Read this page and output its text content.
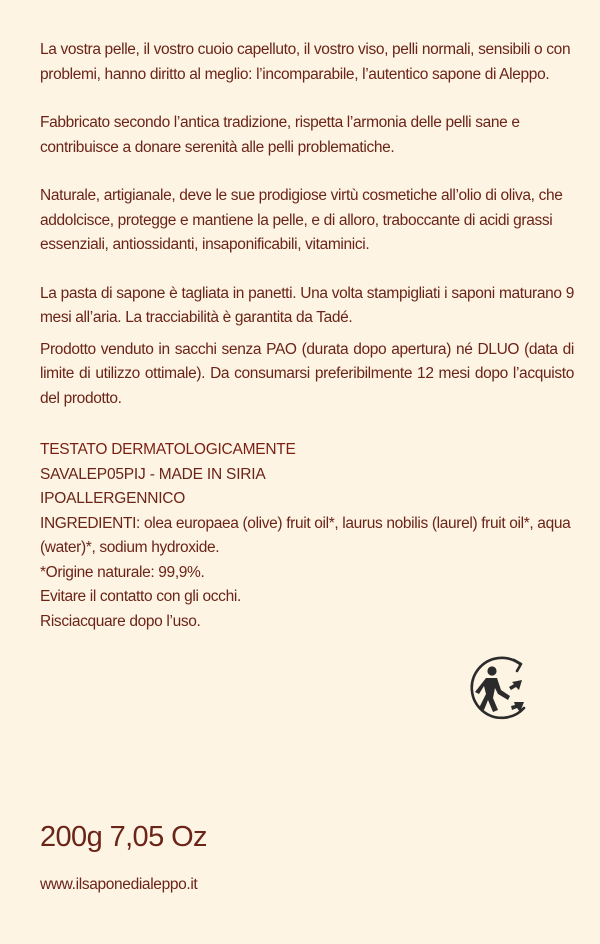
La vostra pelle, il vostro cuoio capelluto, il vostro viso, pelli normali, sensibili o con problemi, hanno diritto al meglio: l’incomparabile, l’autentico sapone di Aleppo.

Fabbricato secondo l’antica tradizione, rispetta l’armonia delle pelli sane e contribuisce a donare serenità alle pelli problematiche.

Naturale, artigianale, deve le sue prodigiose virtù cosmetiche all’olio di oliva, che addolcisce, protegge e mantiene la pelle, e di alloro, traboccante di acidi grassi essenziali, antiossidanti, insaponificabili, vitaminici.

La pasta di sapone è tagliata in panetti. Una volta stampigliati i saponi maturano 9 mesi all’aria. La tracciabilità è garantita da Tadé.

Prodotto venduto in sacchi senza PAO (durata dopo apertura) né DLUO (data di limite di utilizzo ottimale). Da consumarsi preferibilmente 12 mesi dopo l’acquisto del prodotto.

TESTATO DERMATOLOGICAMENTE

SAVALEP05PIJ - MADE IN SIRIA

IPOALLERGENNICO

INGREDIENTI: olea europaea (olive) fruit oil*, laurus nobilis (laurel) fruit oil*, aqua (water)*, sodium hydroxide.

*Origine naturale: 99,9%.

Evitare il contatto con gli occhi.

Risciacquare dopo l’uso.

200g 7,05 Oz

www.ilsaponedialeppo.it
